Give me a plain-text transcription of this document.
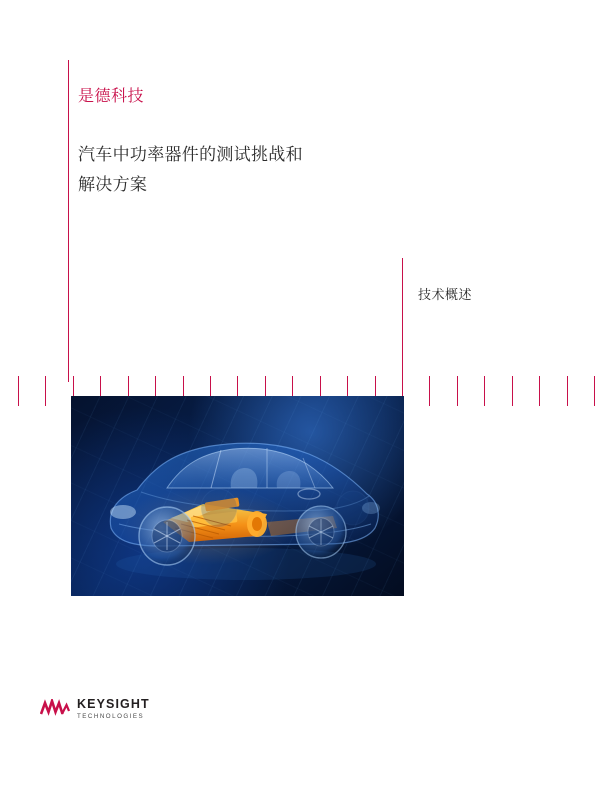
是德科技
汽车中功率器件的测试挑战和
解决方案
技术概述
KEYSIGHT
TECHNOLOGIES
